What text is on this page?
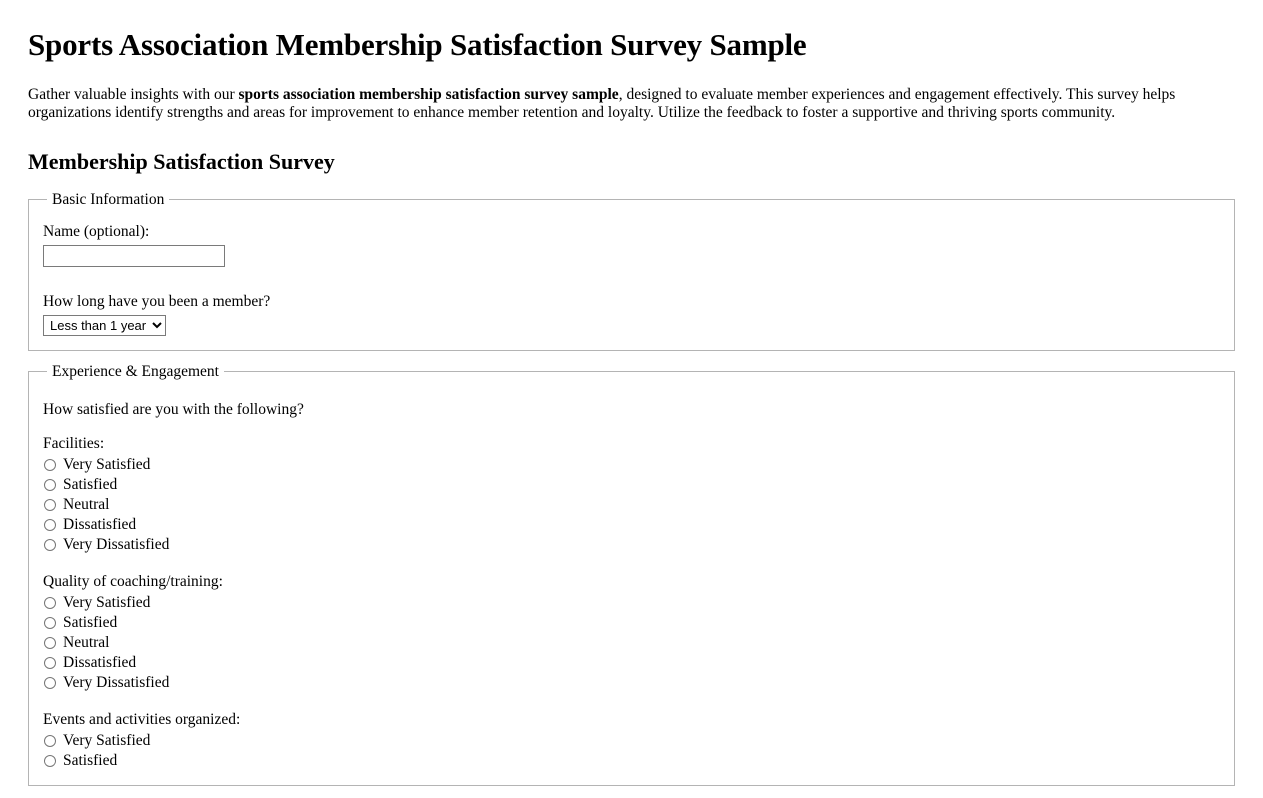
Sports Association Membership Satisfaction Survey Sample

Gather valuable insights with our sports association membership satisfaction survey sample, designed to evaluate member experiences and engagement effectively. This survey helps organizations identify strengths and areas for improvement to enhance member retention and loyalty. Utilize the feedback to foster a supportive and thriving sports community.

Membership Satisfaction Survey
Basic Information
Name (optional):
How long have you been a member?
Less than 1 year
Experience & Engagement
How satisfied are you with the following?
Facilities:
Very Satisfied
Satisfied
Neutral
Dissatisfied
Very Dissatisfied
Quality of coaching/training:
Very Satisfied
Satisfied
Neutral
Dissatisfied
Very Dissatisfied
Events and activities organized:
Very Satisfied
Satisfied
